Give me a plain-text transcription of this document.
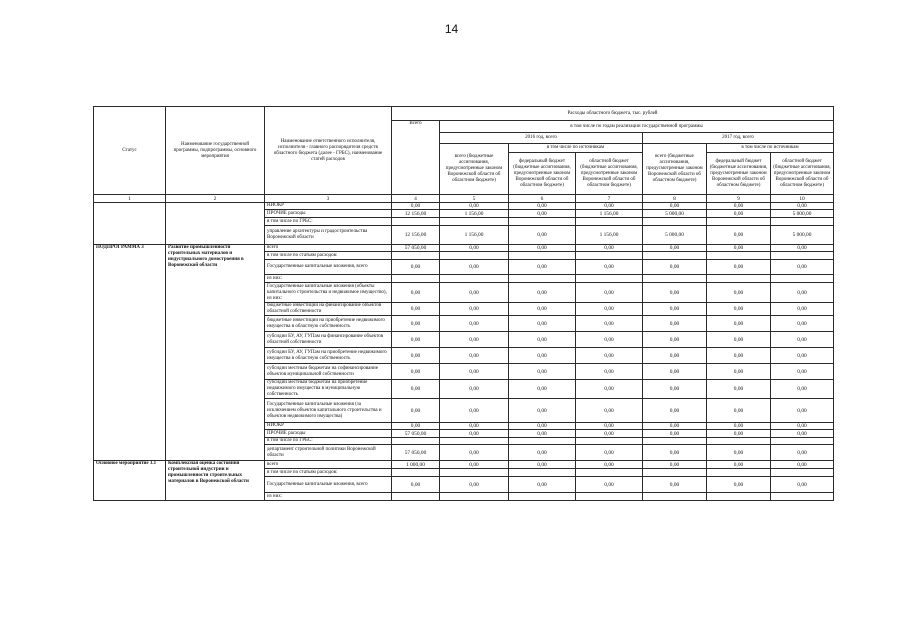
14
Статус	Наименование государственной программы, подпрограммы, основного мероприятия	Наименование ответственного исполнителя, исполнителя - главного распорядителя средств областного бюджета (далее - ГРБС), наименование статей расходов	Расходы областного бюджета, тыс. рублей						
			Всего	в том числе по годам реализации государственной программы					
				2016 год, всего			2017 год, всего		
				всего (бюджетные ассигнования, предусмотренные законом Воронежской области об областном бюджете)	в том числе по источникам		всего (бюджетные ассигнования, предусмотренные законом Воронежской области об областном бюджете)	в том числе по источникам	
					федеральный бюджет (бюджетные ассигнования, предусмотренные законом Воронежской области об областном бюджете)	областной бюджет (бюджетные ассигнования, предусмотренные законом Воронежской области об областном бюджете)		федеральный бюджет (бюджетные ассигнования, предусмотренные законом Воронежской области об областном бюджете)	областной бюджет (бюджетные ассигнования, предусмотренные законом Воронежской области об областном бюджете)
1	2	3	4	5	6	7	8	9	10
		НИОКР	0,00	0,00	0,00	0,00	0,00	0,00	0,00
		ПРОЧИЕ расходы	12 156,00	1 156,00	0,00	1 156,00	5 000,00	0,00	5 000,00
		в том числе по ГРБС:							
		управление архитектуры и градостроительства Воронежской области	12 156,00	1 156,00	0,00	1 156,00	5 000,00	0,00	5 000,00
ПОДПРОГРАММА 3	Развитие промышленности строительных материалов и индустриального домостроения в Воронежской области	всего	57 050,00	0,00	0,00	0,00	0,00	0,00	0,00
		в том числе по статьям расходов:							
		Государственные капитальные вложения, всего	0,00	0,00	0,00	0,00	0,00	0,00	0,00
		из них:							
		Государственные капитальные вложения (объекты капитального строительства и недвижимое имущество), из них:	0,00	0,00	0,00	0,00	0,00	0,00	0,00
		бюджетные инвестиции на финансирование объектов областной собственности	0,00	0,00	0,00	0,00	0,00	0,00	0,00
		бюджетные инвестиции на приобретение недвижимого имущества в областную собственность	0,00	0,00	0,00	0,00	0,00	0,00	0,00
		субсидии БУ, АУ, ГУПам на финансирование объектов областной собственности	0,00	0,00	0,00	0,00	0,00	0,00	0,00
		субсидии БУ, АУ, ГУПам на приобретение недвижимого имущества в областную собственность	0,00	0,00	0,00	0,00	0,00	0,00	0,00
		субсидии местным бюджетам на софинансирование объектов муниципальной собственности	0,00	0,00	0,00	0,00	0,00	0,00	0,00
		субсидии местным бюджетам на приобретение недвижимого имущества в муниципальную собственность	0,00	0,00	0,00	0,00	0,00	0,00	0,00
		Государственные капитальные вложения (за исключением объектов капитального строительства и объектов недвижимого имущества)	0,00	0,00	0,00	0,00	0,00	0,00	0,00
		НИОКР	0,00	0,00	0,00	0,00	0,00	0,00	0,00
		ПРОЧИЕ расходы	57 050,00	0,00	0,00	0,00	0,00	0,00	0,00
		в том числе по ГРБС:							
		департамент строительной политики Воронежской области	57 050,00	0,00	0,00	0,00	0,00	0,00	0,00
Основное мероприятие 3.1	Комплексная оценка состояния строительной индустрии и промышленности строительных материалов в Воронежской области	всего	1 000,00	0,00	0,00	0,00	0,00	0,00	0,00
		в том числе по статьям расходов:							
		Государственные капитальные вложения, всего	0,00	0,00	0,00	0,00	0,00	0,00	0,00
		из них:							
